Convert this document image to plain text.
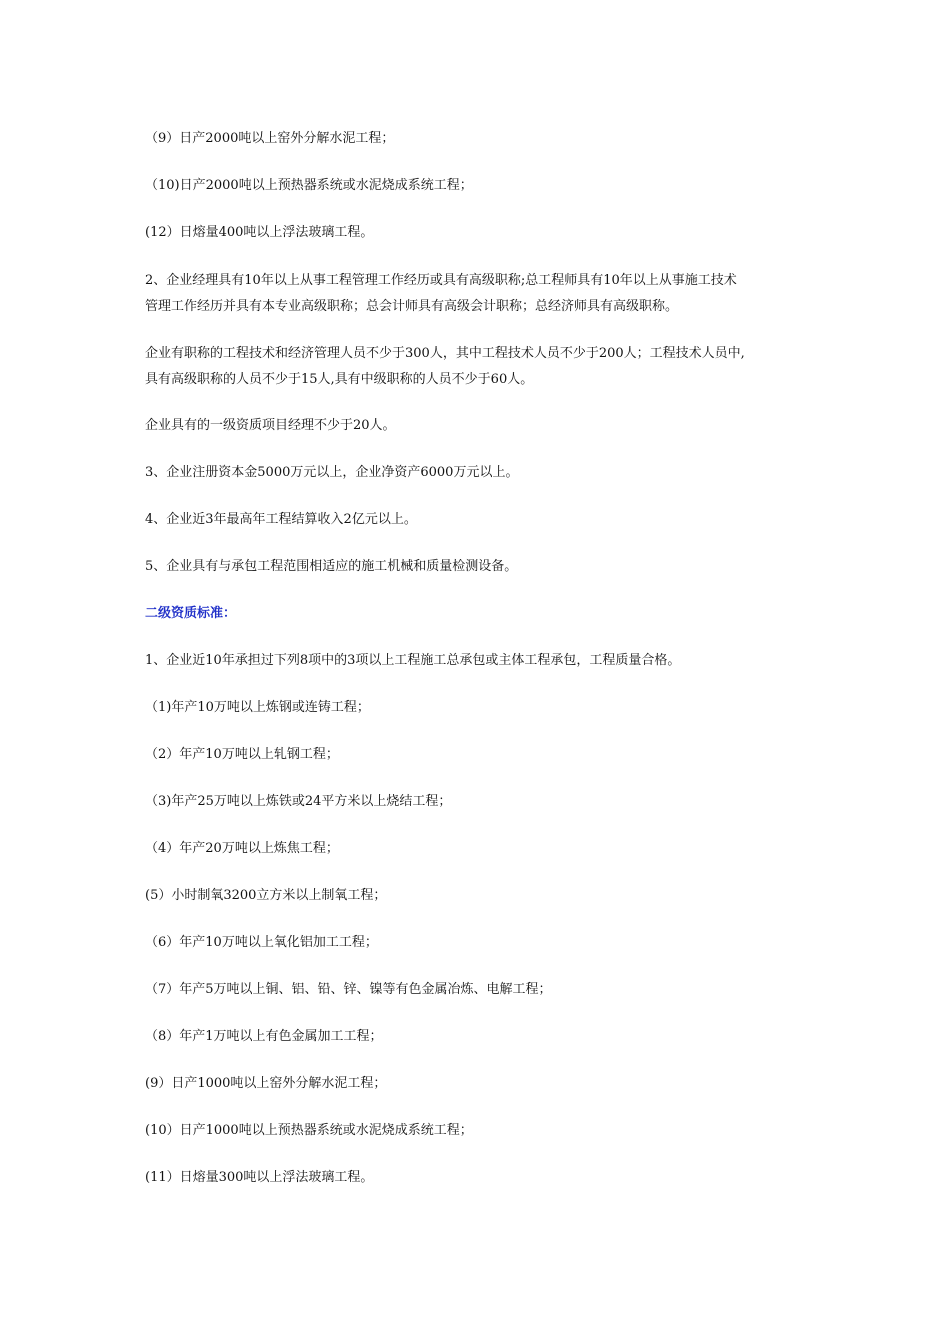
（9）日产2000吨以上窑外分解水泥工程；
（10)日产2000吨以上预热器系统或水泥烧成系统工程；
(12）日熔量400吨以上浮法玻璃工程。
2、企业经理具有10年以上从事工程管理工作经历或具有高级职称;总工程师具有10年以上从事施工技术
管理工作经历并具有本专业高级职称；总会计师具有高级会计职称；总经济师具有高级职称。
企业有职称的工程技术和经济管理人员不少于300人，其中工程技术人员不少于200人；工程技术人员中,
具有高级职称的人员不少于15人,具有中级职称的人员不少于60人。
企业具有的一级资质项目经理不少于20人。
3、企业注册资本金5000万元以上，企业净资产6000万元以上。
4、企业近3年最高年工程结算收入2亿元以上。
5、企业具有与承包工程范围相适应的施工机械和质量检测设备。
二级资质标准：
1、企业近10年承担过下列8项中的3项以上工程施工总承包或主体工程承包，工程质量合格。
（1)年产10万吨以上炼钢或连铸工程；
（2）年产10万吨以上轧钢工程；
（3)年产25万吨以上炼铁或24平方米以上烧结工程；
（4）年产20万吨以上炼焦工程；
(5）小时制氧3200立方米以上制氧工程；
（6）年产10万吨以上氧化铝加工工程；
（7）年产5万吨以上铜、铝、铅、锌、镍等有色金属冶炼、电解工程；
（8）年产1万吨以上有色金属加工工程；
(9）日产1000吨以上窑外分解水泥工程；
(10）日产1000吨以上预热器系统或水泥烧成系统工程；
(11）日熔量300吨以上浮法玻璃工程。
